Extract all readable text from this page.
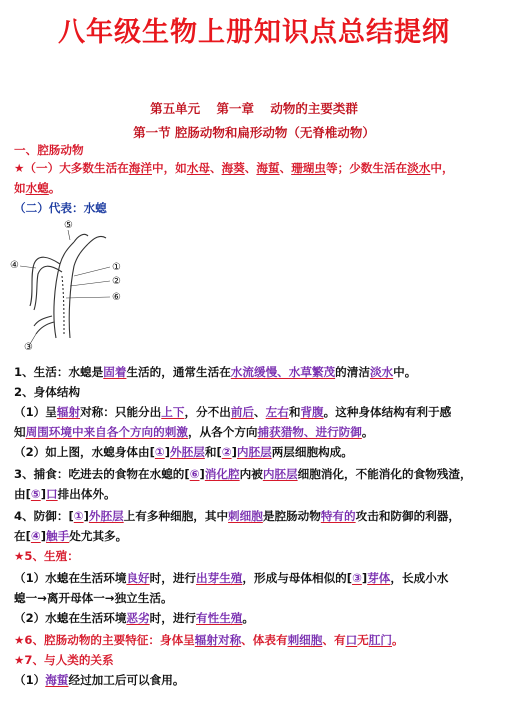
八年级生物上册知识点总结提纲
第五单元 第一章 动物的主要类群
第一节 腔肠动物和扁形动物（无脊椎动物）
一、腔肠动物
★（一）大多数生活在海洋中，如水母、海葵、海蜇、珊瑚虫等；少数生活在淡水中，
如水螅。
（二）代表：水螅
⑤
④	①
②
⑥
③
1、生活：水螅是固着生活的，通常生活在水流缓慢、水草繁茂的清洁淡水中。
2、身体结构
（1）呈辐射对称：只能分出上下，分不出前后、左右和背腹。这种身体结构有利于感
知周围环境中来自各个方向的刺激，从各个方向捕获猎物、进行防御。
（2）如上图，水螅身体由[①]外胚层和[②]内胚层两层细胞构成。
3、捕食：吃进去的食物在水螅的[⑥]消化腔内被内胚层细胞消化，不能消化的食物残渣，
由[⑤]口排出体外。
4、防御：[①]外胚层上有多种细胞，其中刺细胞是腔肠动物特有的攻击和防御的利器，
在[④]触手处尤其多。
★5、生殖：
（1）水螅在生活环境良好时，进行出芽生殖，形成与母体相似的[③]芽体，长成小水
螅一→离开母体一→独立生活。
（2）水螅在生活环境恶劣时，进行有性生殖。
★6、腔肠动物的主要特征：身体呈辐射对称、体表有刺细胞、有口无肛门。
★7、与人类的关系
（1）海蜇经过加工后可以食用。
